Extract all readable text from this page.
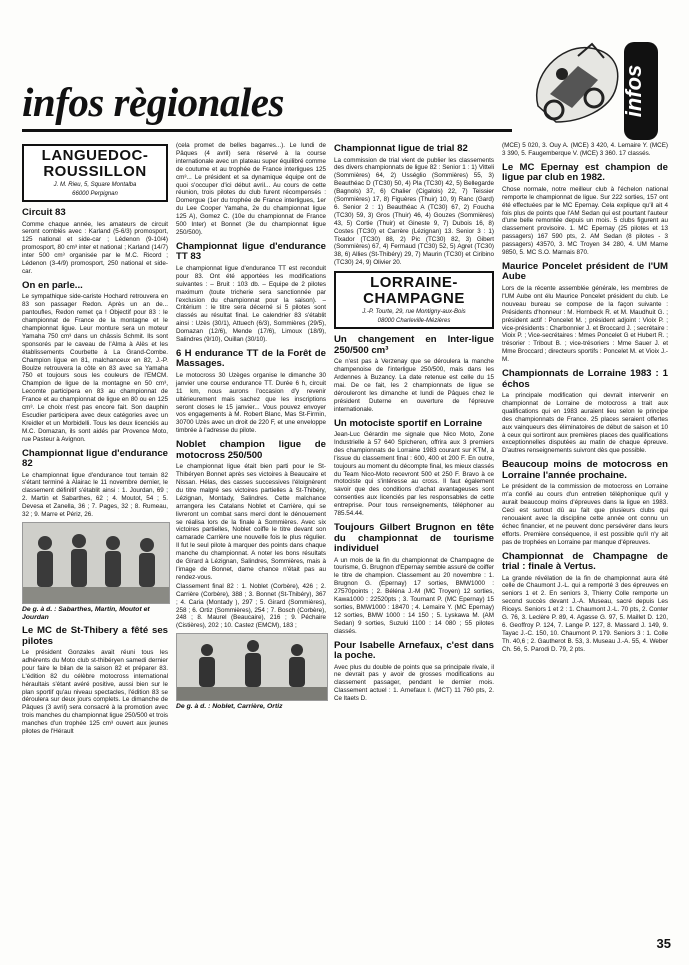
infos règionales	infos
LANGUEDOC-
ROUSSILLON
J. M. Rieu, 5, Square Montalba
66000 Perpignan
Circuit 83

Comme chaque année, les amateurs de circuit seront comblés avec : Karland (5-6/3) promosport, 125 national et side-car ; Lédenon (9-10/4) promosport, 80 cm³ inter et national ; Karland (14/7) inter 500 cm³ organisée par le M.C. Ricord ; Lédenon (3-4/9) promosport, 250 national et side-car.

On en parle...

Le sympathique side-cariste Hochard retrouvera en 83 son passager Redon. Après un an de... pantoufles, Redon remet ça ! Objectif pour 83 : le championnat de France de la montagne et le championnat ligue. Leur monture sera un moteur Yamaha 750 cm³ dans un châssis Schmit. Ils sont sponsorés par le caveau de l'Alma à Alès et les établissements Courbette à La Grand-Combe. Champion ligue en 81, malchanceux en 82, J.-P. Boulze retrouvera la côte en 83 avec sa Yamaha 750 et toujours sous les couleurs de l'EMCM. Champion de ligue de la montagne en 50 cm³, Lecomte participera en 83 au championnat de France et au championnat de ligue en 80 ou en 125 cm³. Le choix n'est pas encore fait. Son dauphin Escudier participera avec deux catégories avec un Kreidler et un Morbidelli. Tous les deux licenciés au M.C. Domazan, ils sont aidés par Provence Moto, rue Pasteur à Avignon.

Championnat ligue d'endurance 82

Le championnat ligue d'endurance tout terrain 82 s'étant terminé à Alairac le 11 novembre dernier, le classement définitif s'établit ainsi : 1. Jourdan, 69 ; 2. Martin et Sabarthes, 62 ; 4. Moutot, 54 ; 5. Devesa et Zanella, 36 ; 7. Pages, 32 ; 8. Rumeau, 32 ; 9. Marre et Périz, 26.

De g. à d. : Sabarthes, Martin, Moutot et Jourdan
Le MC de St-Thibery a fêté ses pilotes

Le président Gonzales avait réuni tous les adhérents du Moto club st-thibéryen samedi dernier pour faire le bilan de la saison 82 et préparer 83. L'édition 82 du célèbre motocross international héraultais s'étant avéré positive, aussi bien sur le plan sportif qu'au niveau spectacles, l'édition 83 se déroulera sur deux jours complets. Le dimanche de Pâques (3 avril) sera consacré à la promotion avec trois manches du championnat ligue 250/500 et trois manches d'un trophée 125 cm³ ouvert aux jeunes pilotes de l'Hérault

(cela promet de belles bagarres...). Le lundi de Pâques (4 avril) sera réservé à la course internationale avec un plateau super équilibré comme de coutume et au trophée de France interligues 125 cm³... Le président et sa dynamique équipe ont de quoi s'occuper d'ici début avril... Au cours de cette réunion, trois pilotes du club furent récompensés : Domergue (1er du trophée de France interligues, 1er du Lee Cooper Yamaha, 2e du championnat ligue 125 A), Gomez C. (10e du championnat de France 500 Inter) et Bonnet (3e du championnat ligue 250/500).

Championnat ligue d'endurance TT 83

Le championnat ligue d'endurance TT est reconduit pour 83. Ont été apportées les modifications suivantes : – Bruit : 103 db. – Equipe de 2 pilotes maximum (toute tricherie sera sanctionnée par l'exclusion du championnat pour la saison). – Critérium : le titre sera décerné si 5 pilotes sont classés au résultat final. Le calendrier 83 s'établit ainsi : Uzès (30/1), Attuech (6/3), Sommières (29/5), Domazan (12/6), Mende (17/6), Limoux (18/9), Salindres (9/10), Ouillan (30/10).

6 H endurance TT de la Forêt de Massages.

Le motocross 30 Uzèges organise le dimanche 30 janvier une course endurance TT. Durée 6 h, circuit 11 km, nous aurons l'occasion d'y revenir ultérieurement mais sachez que les inscriptions seront closes le 15 janvier... Vous pouvez envoyer vos engagements à M. Robert Blanc, Mas St-Firmin, 30700 Uzès avec un droit de 220 F, et une enveloppe timbrée à l'adresse du pilote.

Noblet champion ligue de motocross 250/500

Le championnat ligue était bien parti pour le St-Thibéryen Bonnet après ses victoires à Beaucaire et Nissan. Hélas, des casses successives l'éloignèrent du titre malgré ses victoires partielles à St-Thibéry, Lézignan, Montady, Salindres. Cette malchance arrangera les Catalans Noblet et Carrière, qui se livreront un combat sans merci dont le dénouement se réalisa lors de la finale à Sommières. Avec six victoires partielles, Noblet coiffe le titre devant son camarade Carrière une nouvelle fois le plus régulier. Il fut le seul pilote à marquer des points dans chaque manche du championnat. A noter les bons résultats de Girard à Lézignan, Salindres, Sommières, mais à l'image de Bonnet, dame chance n'était pas au rendez-vous.

Classement final 82 : 1. Noblet (Corbère), 426 ; 2. Carrière (Corbère), 388 ; 3. Bonnet (St-Thibéry), 367 ; 4. Caria (Montady ), 297 ; 5. Girard (Sommières), 258 ; 6. Ortiz (Sommières), 254 ; 7. Bosch (Corbère), 248 ; 8. Maurel (Beaucaire), 216 ; 9. Péchaire (Cistières), 202 ; 10. Castez (EMCM), 183 ;

De g. à d. : Noblet, Carrière, Ortiz
Championnat ligue de trial 82

La commission de trial vient de publier les classements des divers championnats de ligue 82 : Senior 1 : 1) Vitteli (Sommières) 64, 2) Usséglio (Sommières) 55, 3) Beauthéac D (TC30) 50, 4) Pla (TC30) 42, 5) Bellegarde (Bagnols) 37, 6) Chalier (Cigalois) 22, 7) Teissier (Sommières) 17, 8) Figuères (Thuir) 10, 9) Ranc (Gard) 6. Senior 2 : 1) Beauthéac A (TC30) 67, 2) Foucha (TC30) 59, 3) Gros (Thuir) 46, 4) Gouzes (Sommières) 43, 5) Cortie (Thuir) et Gineste 9, 7) Dubois 16, 8) Costes (TC30) et Carrère (Lézignan) 13. Senior 3 : 1) Tixador (TC30) 88, 2) Pic (TC30) 82, 3) Gibert (Sommières) 67, 4) Fermaud (TC30) 52, 5) Agret (TC30) 38, 6) Allies (St-Thibéry) 29, 7) Maurin (TC30) et Ciribino (TC30) 24, 9) Olivier 20.

LORRAINE-
CHAMPAGNE
J.-P. Tourte, 29, rue Montigny-aux-Bois
08000 Charleville-Mézières
Un changement en Inter-ligue 250/500 cm³

Ce n'est pas à Verzenay que se déroulera la manche champenoise de l'interligue 250/500, mais dans les Ardennes à Buzancy. La date retenue est celle du 15 mai. De ce fait, les 2 championnats de ligue se dérouleront les dimanche et lundi de Pâques chez le président Duterne en ouverture de l'épreuve internationale.

Un motociste sportif en Lorraine

Jean-Luc Gérardin me signale que Nico Moto, Zone Industrielle à 57 640 Spicheren, offrira aux 3 premiers des championnats de Lorraine 1983 courant sur KTM, à l'issue du classement final : 600, 400 et 200 F. En outre, toujours au moment du décompte final, les mieux classés du Team Nico-Moto recevront 500 et 250 F. Bravo à ce motociste qui s'intéresse au cross. Il faut également savoir que des conditions d'achat avantageuses sont consenties aux licenciés par les responsables de cette entreprise. Pour tous renseignements, téléphoner au 785.54.44.

Toujours Gilbert Brugnon en tête du championnat de tourisme individuel

A un mois de la fin du championnat de Champagne de tourisme, G. Brugnon d'Epernay semble assuré de coiffer le titre de champion. Classement au 20 novembre : 1. Brugnon G. (Epernay) 17 sorties, BMW1000 : 27570points ; 2. Béléna J.-M (MC Troyen) 12 sorties, Kawa1000 : 22520pts ; 3. Tournant P. (MC Epernay) 15 sorties, BMW1000 : 18470 ; 4. Lemaire Y. (MC Epernay) 12 sorties, BMW 1000 : 14 150 ; 5. Lyskawa M. (AM Sedan) 9 sorties, Suzuki 1100 : 14 080 ; 55 pilotes classés.

Pour Isabelle Arnefaux, c'est dans la poche.

Avec plus du double de points que sa principale rivale, il ne devrait pas y avoir de grosses modifications au classement passager, pendant le dernier mois. Classement actuel : 1. Arnefaux I. (MCT) 11 760 pts, 2. Ce ltaets D.

(MCE) 5 020, 3. Ouy A. (MCE) 3 420, 4. Lemaire Y. (MCE) 3 390, 5. Faugemberque V. (MCE) 3 360. 17 classés.

Le MC Epernay est champion de ligue par club en 1982.

Chose normale, notre meilleur club à l'échelon national remporte le championnat de ligue. Sur 222 sorties, 157 ont été effectuées par le MC Epernay. Cela explique qu'il ait 4 fois plus de points que l'AM Sedan qui est pourtant l'auteur d'une belle remontée depuis un mois. 5 clubs figurent au classement provisoire. 1. MC Epernay (25 pilotes et 13 passagers) 167 590 pts, 2. AM Sedan (8 pilotes - 3 passagers) 43570, 3. MC Troyen 34 280, 4. UM Marne 9850, 5. MC S.O. Marnais 870.

Maurice Poncelet président de l'UM Aube

Lors de la récente assemblée générale, les membres de l'UM Aube ont élu Maurice Poncelet président du club. Le nouveau bureau se compose de la façon suivante : Présidents d'honneur : M. Hornbeck R. et M. Maudhuit G. ; président actif : Poncelet M. ; président adjoint : Vioix P. ; vice-présidents : Charbonnier J. et Broccard J. ; secrétaire : Vioix P. ; Vice-secrétaires : Mmes Poncelet G et Hubert R. ; trésorier : Tribout B. ; vice-trésoriers : Mme Sauer J. et Mme Broccard ; directeurs sportifs : Poncelet M. et Vioix J.-M.

Championnats de Lorraine 1983 : 1 échos

La principale modification qui devrait intervenir en championnat de Lorraine de motocross a trait aux qualifications qui en 1983 auraient lieu selon le principe des championnats de France. 25 places seraient offertes aux vainqueurs des éliminatoires de début de saison et 10 à ceux qui sortiront aux premières places des qualifications exceptionnelles disputées au matin de chaque épreuve. D'autres renseignements suivront dès que possible.

Beaucoup moins de motocross en Lorraine l'année prochaine.

Le président de la commission de motocross en Lorraine m'a confié au cours d'un entretien téléphonique qu'il y aurait beaucoup moins d'épreuves dans la ligue en 1983. Ceci est surtout dû au fait que plusieurs clubs qui renouaient avec la discipline cette année ont connu un échec financier, et ne peuvent donc persévérer dans leurs efforts. Première conséquence, il est possible qu'il n'y ait pas de trophées en Lorraine par manque d'épreuves.

Championnat de Champagne de trial : finale à Vertus.

La grande révélation de la fin de championnat aura été celle de Chaumont J.-L. qui a remporté 3 des épreuves en seniors 1 et 2. En seniors 3, Thierry Colle remporte un second succès devant J.-A. Museau, sacré depuis Les Riceys. Seniors 1 et 2 : 1. Chaumont J.-L. 70 pts, 2. Conter G. 76, 3. Leclère P. 89, 4. Agasse G. 97, 5. Maillet D. 120, 6. Geoffroy P. 124, 7. Lange P. 127, 8. Massard J. 149, 9. Tayac J.-C. 150, 10. Chaumont P. 179. Seniors 3 : 1. Colle Th. 40,6 ; 2. Gautherot B. 53, 3. Museau J.-A. 55, 4. Weber Ch. 56, 5. Parodi D. 79, 2 pts.

35
